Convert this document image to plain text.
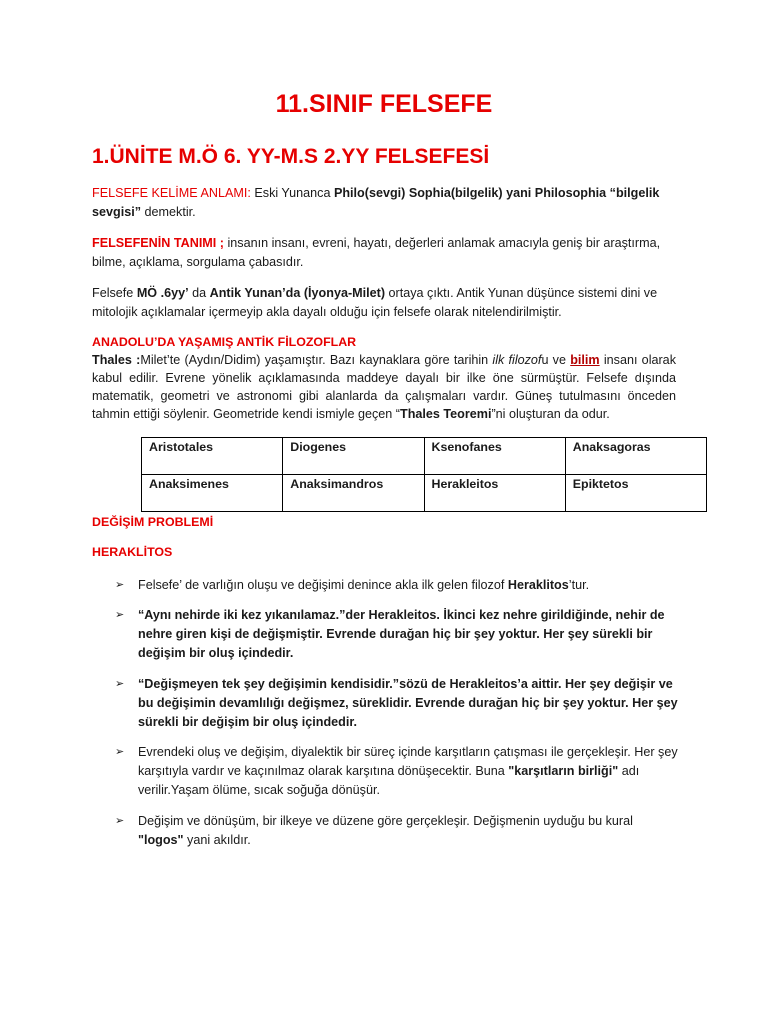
11.SINIF FELSEFE
1.ÜNİTE M.Ö 6. YY-M.S 2.YY FELSEFESİ

FELSEFE KELİME ANLAMI: Eski Yunanca Philo(sevgi) Sophia(bilgelik) yani Philosophia “bilgelik sevgisi” demektir.

FELSEFENİN TANIMI ; insanın insanı, evreni, hayatı, değerleri anlamak amacıyla geniş bir araştırma, bilme, açıklama, sorgulama çabasıdır.

Felsefe MÖ .6yy’ da Antik Yunan’da (İyonya-Milet) ortaya çıktı. Antik Yunan düşünce sistemi dini ve mitolojik açıklamalar içermeyip akla dayalı olduğu için felsefe olarak nitelendirilmiştir.

ANADOLU’DA YAŞAMIŞ ANTİK FİLOZOFLAR

Thales :Milet’te (Aydın/Didim) yaşamıştır. Bazı kaynaklara göre tarihin ilk filozofu ve bilim insanı olarak kabul edilir. Evrene yönelik açıklamasında maddeye dayalı bir ilke öne sürmüştür. Felsefe dışında matematik, geometri ve astronomi gibi alanlarda da çalışmaları vardır. Güneş tutulmasını önceden tahmin ettiği söylenir. Geometride kendi ismiyle geçen “Thales Teoremi”ni oluşturan da odur.

Aristotales	Diogenes	Ksenofanes	Anaksagoras
Anaksimenes	Anaksimandros	Herakleitos	Epiktetos
DEĞİŞİM PROBLEMİ
HERAKLİTOS
➢ Felsefe’ de varlığın oluşu ve değişimi denince akla ilk gelen filozof Heraklitos’tur.
➢ “Aynı nehirde iki kez yıkanılamaz.”der Herakleitos. İkinci kez nehre girildiğinde, nehir de nehre giren kişi de değişmiştir. Evrende durağan hiç bir şey yoktur. Her şey sürekli bir değişim bir oluş içindedir.
➢ “Değişmeyen tek şey değişimin kendisidir.”sözü de Herakleitos’a aittir. Her şey değişir ve bu değişimin devamlılığı değişmez, süreklidir. Evrende durağan hiç bir şey yoktur. Her şey sürekli bir değişim bir oluş içindedir.
➢ Evrendeki oluş ve değişim, diyalektik bir süreç içinde karşıtların çatışması ile gerçekleşir. Her şey karşıtıyla vardır ve kaçınılmaz olarak karşıtına dönüşecektir. Buna "karşıtların birliği" adı verilir.Yaşam ölüme, sıcak soğuğa dönüşür.
➢ Değişim ve dönüşüm, bir ilkeye ve düzene göre gerçekleşir. Değişmenin uyduğu bu kural "logos" yani akıldır.
